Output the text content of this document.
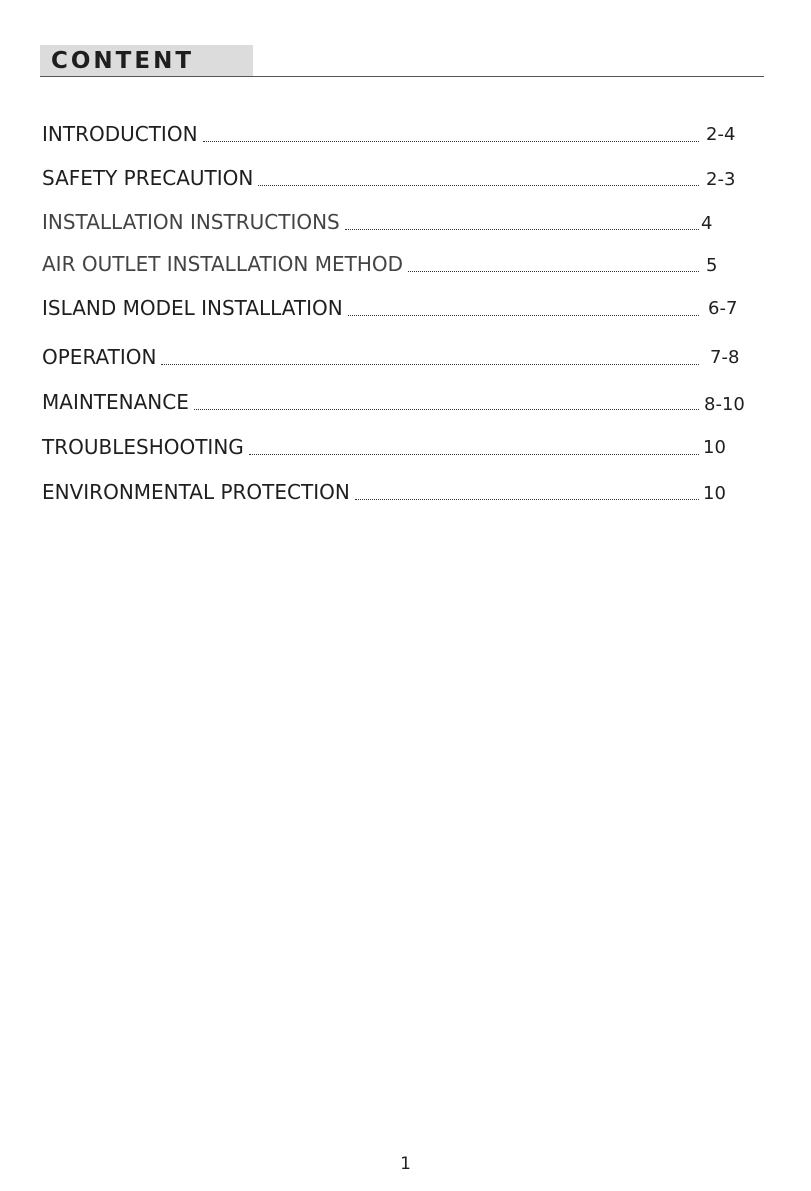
CONTENT
INTRODUCTION	2-4
SAFETY PRECAUTION	2-3
INSTALLATION INSTRUCTIONS	4
AIR OUTLET INSTALLATION METHOD	5
ISLAND MODEL INSTALLATION	6-7
OPERATION	7-8
MAINTENANCE	8-10
TROUBLESHOOTING	10
ENVIRONMENTAL PROTECTION	10
1
